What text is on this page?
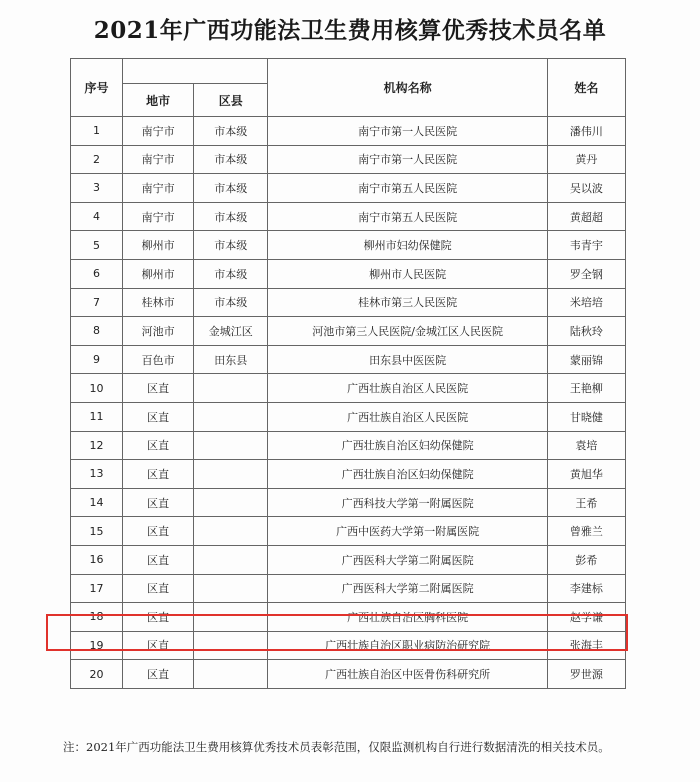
2021年广西功能法卫生费用核算优秀技术员名单
序号			机构名称	姓名
	地市	区县		
1	南宁市	市本级	南宁市第一人民医院	潘伟川
2	南宁市	市本级	南宁市第一人民医院	黄丹
3	南宁市	市本级	南宁市第五人民医院	吴以波
4	南宁市	市本级	南宁市第五人民医院	黄超超
5	柳州市	市本级	柳州市妇幼保健院	韦青宇
6	柳州市	市本级	柳州市人民医院	罗全钢
7	桂林市	市本级	桂林市第三人民医院	米培培
8	河池市	金城江区	河池市第三人民医院/金城江区人民医院	陆秋玲
9	百色市	田东县	田东县中医医院	蒙丽锦
10	区直		广西壮族自治区人民医院	王艳柳
11	区直		广西壮族自治区人民医院	甘晓健
12	区直		广西壮族自治区妇幼保健院	袁培
13	区直		广西壮族自治区妇幼保健院	黄旭华
14	区直		广西科技大学第一附属医院	王希
15	区直		广西中医药大学第一附属医院	曾雅兰
16	区直		广西医科大学第二附属医院	彭希
17	区直		广西医科大学第二附属医院	李建标
18	区直		广西壮族自治区胸科医院	赵学谦
19	区直		广西壮族自治区职业病防治研究院	张海丰
20	区直		广西壮族自治区中医骨伤科研究所	罗世源
注：2021年广西功能法卫生费用核算优秀技术员表彰范围，仅限监测机构自行进行数据清洗的相关技术员。
